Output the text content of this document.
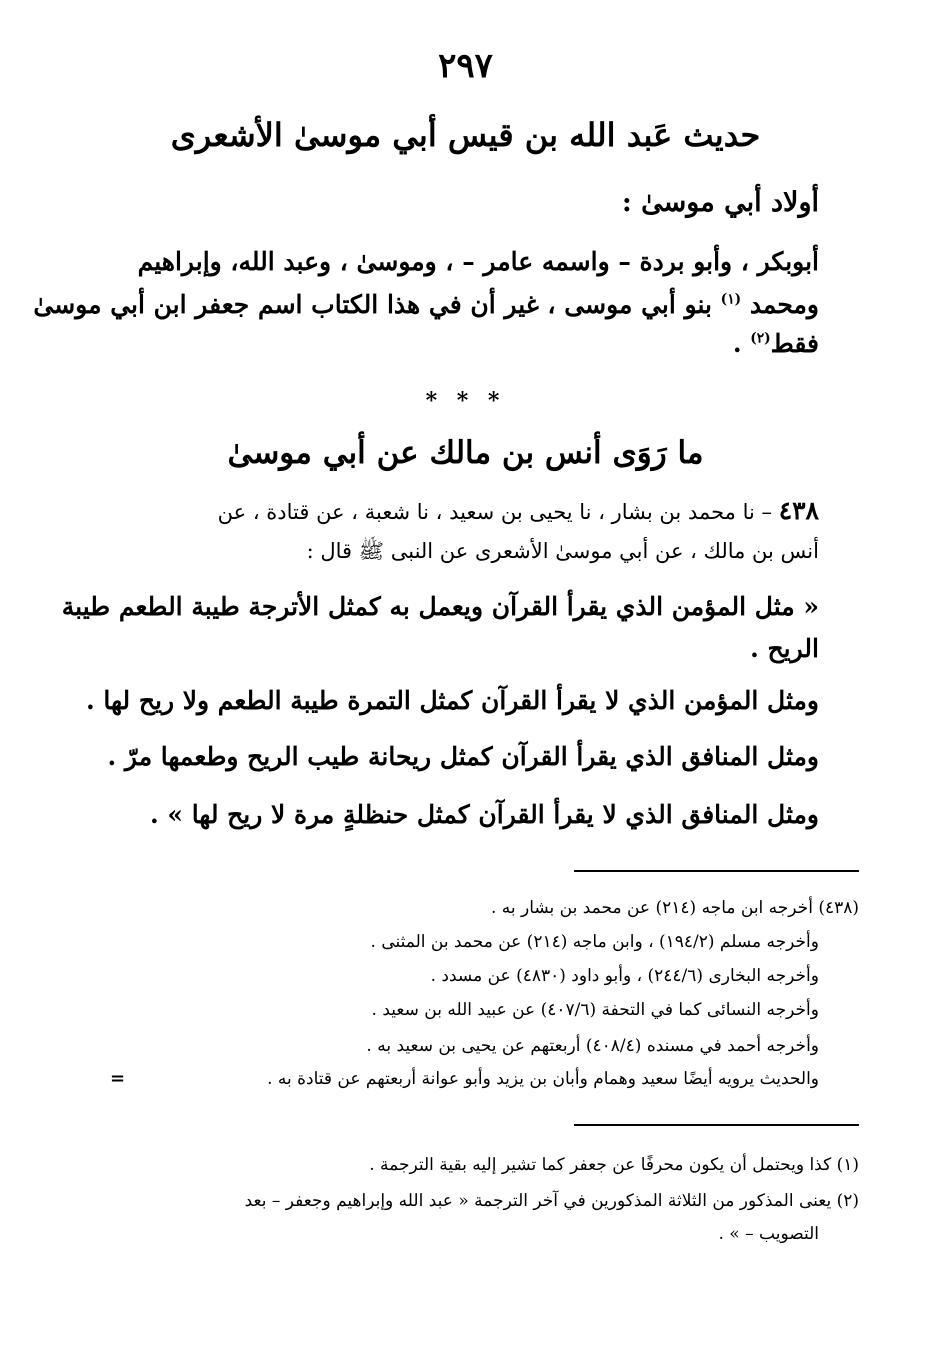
٢٩٧
حديث عَبد الله بن قيس أبي موسىٰ الأشعرى
أولاد أبي موسىٰ :
أبوبكر ، وأبو بردة – واسمه عامر – ، وموسىٰ ، وعبد الله، وإبراهيم
ومحمد $^{(١)}$ بنو أبي موسى ، غير أن في هذا الكتاب اسم جعفر ابن أبي موسىٰ
فقط$^{(٢)}$ .
* * *
ما رَوَى أنس بن مالك عن أبي موسىٰ
٤٣٨ – نا محمد بن بشار ، نا يحيى بن سعيد ، نا شعبة ، عن قتادة ، عن
أنس بن مالك ، عن أبي موسىٰ الأشعرى عن النبى ﷺ قال :
« مثل المؤمن الذي يقرأ القرآن ويعمل به كمثل الأترجة طيبة الطعم طيبة
الريح .
ومثل المؤمن الذي لا يقرأ القرآن كمثل التمرة طيبة الطعم ولا ريح لها .
ومثل المنافق الذي يقرأ القرآن كمثل ريحانة طيب الريح وطعمها مرّ .
ومثل المنافق الذي لا يقرأ القرآن كمثل حنظلةٍ مرة لا ريح لها » .
(٤٣٨) أخرجه ابن ماجه (٢١٤) عن محمد بن بشار به .
وأخرجه مسلم (١٩٤/٢) ، وابن ماجه (٢١٤) عن محمد بن المثنى .
وأخرجه البخارى (٢٤٤/٦) ، وأبو داود (٤٨٣٠) عن مسدد .
وأخرجه النسائى كما في التحفة (٤٠٧/٦) عن عبيد الله بن سعيد .
وأخرجه أحمد في مسنده (٤٠٨/٤) أربعتهم عن يحيى بن سعيد به .
والحديث يرويه أيضًا سعيد وهمام وأبان بن يزيد وأبو عوانة أربعتهم عن قتادة به .
=
(١) كذا ويحتمل أن يكون محرفًا عن جعفر كما تشير إليه بقية الترجمة .
(٢) يعنى المذكور من الثلاثة المذكورين في آخر الترجمة « عبد الله وإبراهيم وجعفر – بعد
التصويب – » .
